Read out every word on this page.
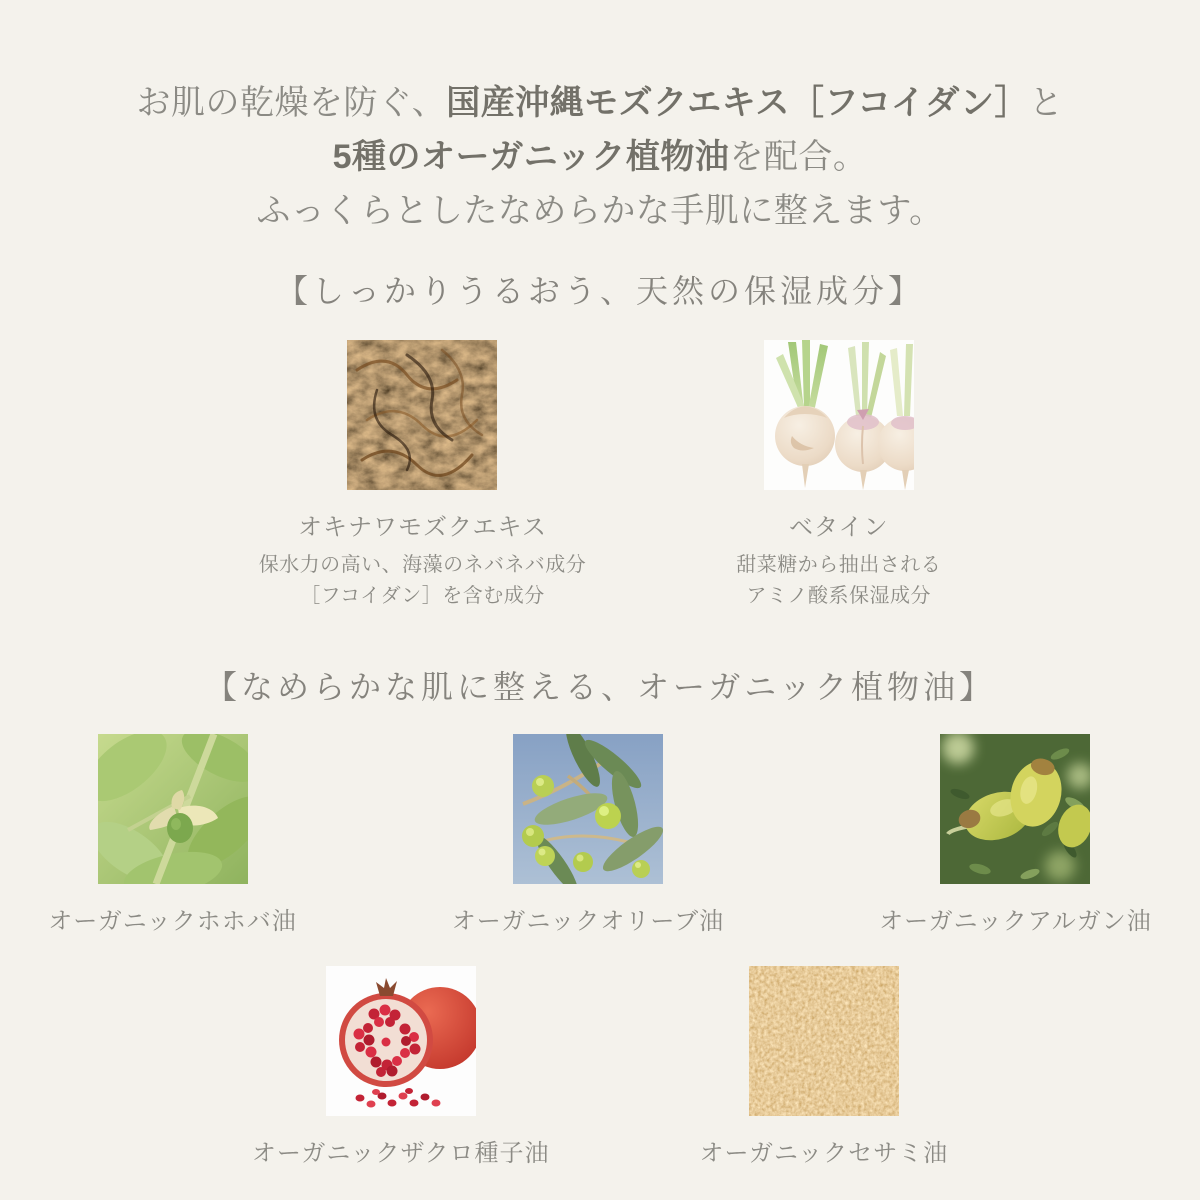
お肌の乾燥を防ぐ、国産沖縄モズクエキス［フコイダン］と
5種のオーガニック植物油を配合。
ふっくらとしたなめらかな手肌に整えます。
【しっかりうるおう、天然の保湿成分】
オキナワモズクエキス
保水力の高い、海藻のネバネバ成分
［フコイダン］を含む成分
ベタイン
甜菜糖から抽出される
アミノ酸系保湿成分
【なめらかな肌に整える、オーガニック植物油】
オーガニックホホバ油	オーガニックオリーブ油	オーガニックアルガン油
オーガニックザクロ種子油	オーガニックセサミ油
